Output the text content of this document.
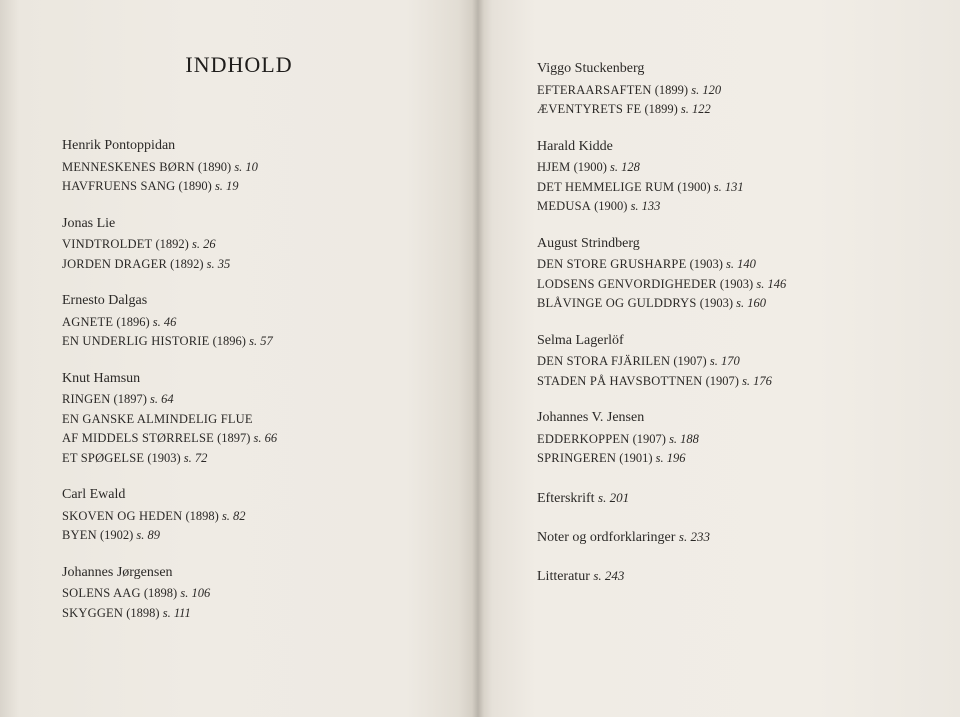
INDHOLD
Henrik Pontoppidan
MENNESKENES BØRN (1890) s. 10
HAVFRUENS SANG (1890) s. 19
Jonas Lie
VINDTROLDET (1892) s. 26
JORDEN DRAGER (1892) s. 35
Ernesto Dalgas
AGNETE (1896) s. 46
EN UNDERLIG HISTORIE (1896) s. 57
Knut Hamsun
RINGEN (1897) s. 64
EN GANSKE ALMINDELIG FLUE
AF MIDDELS STØRRELSE (1897) s. 66
ET SPØGELSE (1903) s. 72
Carl Ewald
SKOVEN OG HEDEN (1898) s. 82
BYEN (1902) s. 89
Johannes Jørgensen
SOLENS AAG (1898) s. 106
SKYGGEN (1898) s. 111
Viggo Stuckenberg
EFTERAARSAFTEN (1899) s. 120
ÆVENTYRETS FE (1899) s. 122
Harald Kidde
HJEM (1900) s. 128
DET HEMMELIGE RUM (1900) s. 131
MEDUSA (1900) s. 133
August Strindberg
DEN STORE GRUSHARPE (1903) s. 140
LODSENS GENVORDIGHEDER (1903) s. 146
BLÅVINGE OG GULDDRYS (1903) s. 160
Selma Lagerlöf
DEN STORA FJÄRILEN (1907) s. 170
STADEN PÅ HAVSBOTTNEN (1907) s. 176
Johannes V. Jensen
EDDERKOPPEN (1907) s. 188
SPRINGEREN (1901) s. 196
Efterskrift s. 201
Noter og ordforklaringer s. 233
Litteratur s. 243
